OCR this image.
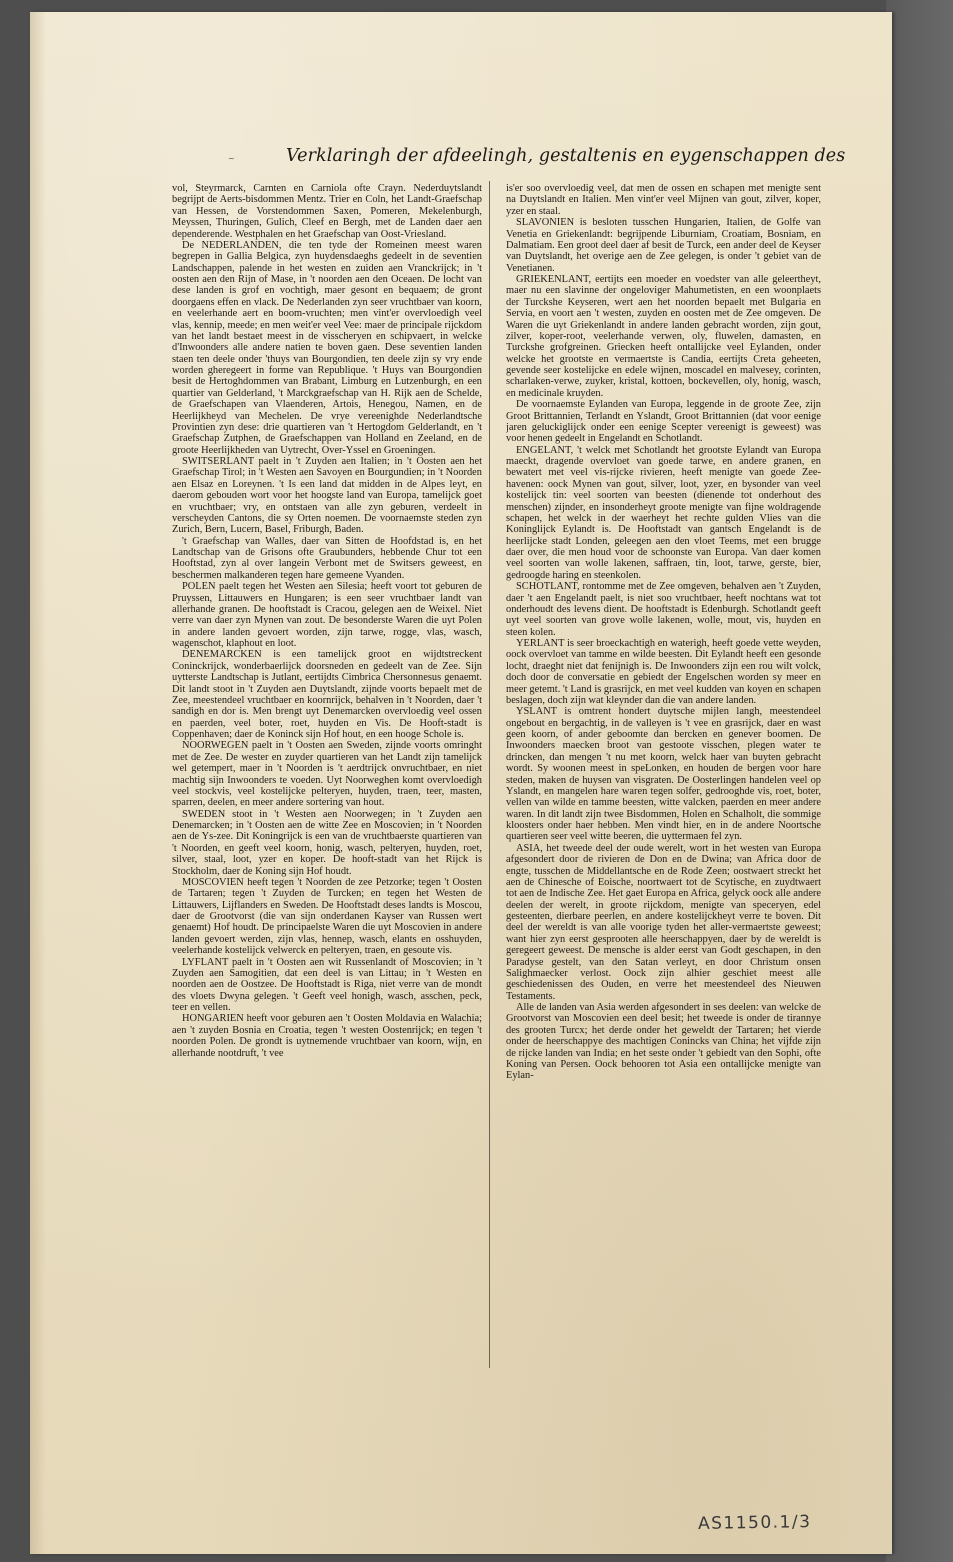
~	Verklaringh der afdeelingh, gestaltenis en eygenschappen des

vol, Steyrmarck, Carnten en Carniola ofte Crayn. Nederduytslandt begrijpt de Aerts-bisdommen Mentz. Trier en Coln, het Landt-Graefschap van Hessen, de Vorstendommen Saxen, Pomeren, Mekelenburgh, Meyssen, Thuringen, Gulich, Cleef en Bergh, met de Landen daer aen dependerende. Westphalen en het Graefschap van Oost-Vriesland.

De NEDERLANDEN, die ten tyde der Romeinen meest waren begrepen in Gallia Belgica, zyn huydensdaeghs gedeelt in de seventien Landschappen, palende in het westen en zuiden aen Vranckrijck; in 't oosten aen den Rijn of Mase, in 't noorden aen den Oceaen. De locht van dese landen is grof en vochtigh, maer gesont en bequaem; de gront doorgaens effen en vlack. De Nederlanden zyn seer vruchtbaer van koorn, en veelerhande aert en boom-vruchten; men vint'er overvloedigh veel vlas, kennip, meede; en men weit'er veel Vee: maer de principale rijckdom van het landt bestaet meest in de visscheryen en schipvaert, in welcke d'Inwoonders alle andere natien te boven gaen. Dese seventien landen staen ten deele onder 'thuys van Bourgondien, ten deele zijn sy vry ende worden gheregeert in forme van Republique. 't Huys van Bourgondien besit de Hertoghdommen van Brabant, Limburg en Lutzenburgh, en een quartier van Gelderland, 't Marckgraefschap van H. Rijk aen de Schelde, de Graefschapen van Vlaenderen, Artois, Henegou, Namen, en de Heerlijkheyd van Mechelen. De vrye vereenighde Nederlandtsche Provintien zyn dese: drie quartieren van 't Hertogdom Gelderlandt, en 't Graefschap Zutphen, de Graefschappen van Holland en Zeeland, en de groote Heerlijkheden van Uytrecht, Over-Yssel en Groeningen.

SWITSERLANT paelt in 't Zuyden aen Italien; in 't Oosten aen het Graefschap Tirol; in 't Westen aen Savoyen en Bourgundien; in 't Noorden aen Elsaz en Loreynen. 't Is een land dat midden in de Alpes leyt, en daerom gebouden wort voor het hoogste land van Europa, tamelijck goet en vruchtbaer; vry, en ontstaen van alle zyn geburen, verdeelt in verscheyden Cantons, die sy Orten noemen. De voornaemste steden zyn Zurich, Bern, Lucern, Basel, Friburgh, Baden.

't Graefschap van Walles, daer van Sitten de Hoofdstad is, en het Landtschap van de Grisons ofte Graubunders, hebbende Chur tot een Hooftstad, zyn al over langein Verbont met de Switsers geweest, en beschermen malkanderen tegen hare gemeene Vyanden.

POLEN paelt tegen het Westen aen Silesia; heeft voort tot geburen de Pruyssen, Littauwers en Hungaren; is een seer vruchtbaer landt van allerhande granen. De hooftstadt is Cracou, gelegen aen de Weixel. Niet verre van daer zyn Mynen van zout. De besonderste Waren die uyt Polen in andere landen gevoert worden, zijn tarwe, rogge, vlas, wasch, wagenschot, klaphout en loot.

DENEMARCKEN is een tamelijck groot en wijdtstreckent Coninckrijck, wonderbaerlijck doorsneden en gedeelt van de Zee. Sijn uytterste Landtschap is Jutlant, eertijdts Cimbrica Chersonnesus genaemt. Dit landt stoot in 't Zuyden aen Duytslandt, zijnde voorts bepaelt met de Zee, meestendeel vruchtbaer en koornrijck, behalven in 't Noorden, daer 't sandigh en dor is. Men brengt uyt Denemarcken overvloedig veel ossen en paerden, veel boter, roet, huyden en Vis. De Hooft-stadt is Coppenhaven; daer de Koninck sijn Hof hout, en een hooge Schole is.

NOORWEGEN paelt in 't Oosten aen Sweden, zijnde voorts omringht met de Zee. De wester en zuyder quartieren van het Landt zijn tamelijck wel getempert, maer in 't Noorden is 't aerdtrijck onvruchtbaer, en niet machtig sijn Inwoonders te voeden. Uyt Noorweghen komt overvloedigh veel stockvis, veel kostelijcke pelteryen, huyden, traen, teer, masten, sparren, deelen, en meer andere sortering van hout.

SWEDEN stoot in 't Westen aen Noorwegen; in 't Zuyden aen Denemarcken; in 't Oosten aen de witte Zee en Moscovien; in 't Noorden aen de Ys-zee. Dit Koningrijck is een van de vruchtbaerste quartieren van 't Noorden, en geeft veel koorn, honig, wasch, pelteryen, huyden, roet, silver, staal, loot, yzer en koper. De hooft-stadt van het Rijck is Stockholm, daer de Koning sijn Hof houdt.

MOSCOVIEN heeft tegen 't Noorden de zee Petzorke; tegen 't Oosten de Tartaren; tegen 't Zuyden de Turcken; en tegen het Westen de Littauwers, Lijflanders en Sweden. De Hooftstadt deses landts is Moscou, daer de Grootvorst (die van sijn onderdanen Kayser van Russen wert genaemt) Hof houdt. De principaelste Waren die uyt Moscovien in andere landen gevoert werden, zijn vlas, hennep, wasch, elants en osshuyden, veelerhande kostelijck velwerck en pelteryen, traen, en gesoute vis.

LYFLANT paelt in 't Oosten aen wit Russenlandt of Moscovien; in 't Zuyden aen Samogitien, dat een deel is van Littau; in 't Westen en noorden aen de Oostzee. De Hooftstadt is Riga, niet verre van de mondt des vloets Dwyna gelegen. 't Geeft veel honigh, wasch, asschen, peck, teer en vellen.

HONGARIEN heeft voor geburen aen 't Oosten Moldavia en Walachia; aen 't zuyden Bosnia en Croatia, tegen 't westen Oostenrijck; en tegen 't noorden Polen. De grondt is uytnemende vruchtbaer van koorn, wijn, en allerhande nootdruft, 't vee

is'er soo overvloedig veel, dat men de ossen en schapen met menigte sent na Duytslandt en Italien. Men vint'er veel Mijnen van gout, zilver, koper, yzer en staal.

SLAVONIEN is besloten tusschen Hungarien, Italien, de Golfe van Venetia en Griekenlandt: begrijpende Liburniam, Croatiam, Bosniam, en Dalmatiam. Een groot deel daer af besit de Turck, een ander deel de Keyser van Duytslandt, het overige aen de Zee gelegen, is onder 't gebiet van de Venetianen.

GRIEKENLANT, eertijts een moeder en voedster van alle geleertheyt, maer nu een slavinne der ongeloviger Mahumetisten, en een woonplaets der Turckshe Keyseren, wert aen het noorden bepaelt met Bulgaria en Servia, en voort aen 't westen, zuyden en oosten met de Zee omgeven. De Waren die uyt Griekenlandt in andere landen gebracht worden, zijn gout, zilver, koper-root, veelerhande verwen, oly, fluwelen, damasten, en Turckshe grofgreinen. Griecken heeft ontallijcke veel Eylanden, onder welcke het grootste en vermaertste is Candia, eertijts Creta geheeten, gevende seer kostelijcke en edele wijnen, moscadel en malvesey, corinten, scharlaken-verwe, zuyker, kristal, kottoen, bockevellen, oly, honig, wasch, en medicinale kruyden.

De voornaemste Eylanden van Europa, leggende in de groote Zee, zijn Groot Brittannien, Terlandt en Yslandt, Groot Brittannien (dat voor eenige jaren geluckiglijck onder een eenige Scepter vereenigt is geweest) was voor henen gedeelt in Engelandt en Schotlandt.

ENGELANT, 't welck met Schotlandt het grootste Eylandt van Europa maeckt, dragende overvloet van goede tarwe, en andere granen, en bewatert met veel vis-rijcke rivieren, heeft menigte van goede Zee-havenen: oock Mynen van gout, silver, loot, yzer, en bysonder van veel kostelijck tin: veel soorten van beesten (dienende tot onderhout des menschen) zijnder, en insonderheyt groote menigte van fijne woldragende schapen, het welck in der waerheyt het rechte gulden Vlies van die Koninglijck Eylandt is. De Hooftstadt van gantsch Engelandt is de heerlijcke stadt Londen, geleegen aen den vloet Teems, met een brugge daer over, die men houd voor de schoonste van Europa. Van daer komen veel soorten van wolle lakenen, saffraen, tin, loot, tarwe, gerste, bier, gedroogde haring en steenkolen.

SCHOTLANT, rontomme met de Zee omgeven, behalven aen 't Zuyden, daer 't aen Engelandt paelt, is niet soo vruchtbaer, heeft nochtans wat tot onderhoudt des levens dient. De hooftstadt is Edenburgh. Schotlandt geeft uyt veel soorten van grove wolle lakenen, wolle, mout, vis, huyden en steen kolen.

YERLANT is seer broeckachtigh en waterigh, heeft goede vette weyden, oock overvloet van tamme en wilde beesten. Dit Eylandt heeft een gesonde locht, draeght niet dat fenijnigh is. De Inwoonders zijn een rou wilt volck, doch door de conversatie en gebiedt der Engelschen worden sy meer en meer getemt. 't Land is grasrijck, en met veel kudden van koyen en schapen beslagen, doch zijn wat kleynder dan die van andere landen.

YSLANT is omtrent hondert duytsche mijlen langh, meestendeel ongebout en bergachtig, in de valleyen is 't vee en grasrijck, daer en wast geen koorn, of ander geboomte dan bercken en genever boomen. De Inwoonders maecken broot van gestoote visschen, plegen water te drincken, dan mengen 't nu met koorn, welck haer van buyten gebracht wordt. Sy woonen meest in speLonken, en houden de bergen voor hare steden, maken de huysen van visgraten. De Oosterlingen handelen veel op Yslandt, en mangelen hare waren tegen solfer, gedrooghde vis, roet, boter, vellen van wilde en tamme beesten, witte valcken, paerden en meer andere waren. In dit landt zijn twee Bisdommen, Holen en Schalholt, die sommige kloosters onder haer hebben. Men vindt hier, en in de andere Noortsche quartieren seer veel witte beeren, die uyttermaen fel zyn.

ASIA, het tweede deel der oude werelt, wort in het westen van Europa afgesondert door de rivieren de Don en de Dwina; van Africa door de engte, tusschen de Middellantsche en de Rode Zeen; oostwaert streckt het aen de Chinesche of Eoische, noortwaert tot de Scytische, en zuydtwaert tot aen de Indische Zee. Het gaet Europa en Africa, gelyck oock alle andere deelen der werelt, in groote rijckdom, menigte van speceryen, edel gesteenten, dierbare peerlen, en andere kostelijckheyt verre te boven. Dit deel der wereldt is van alle voorige tyden het aller-vermaertste geweest; want hier zyn eerst gesprooten alle heerschappyen, daer by de wereldt is geregeert geweest. De mensche is alder eerst van Godt geschapen, in den Paradyse gestelt, van den Satan verleyt, en door Christum onsen Salighmaecker verlost. Oock zijn alhier geschiet meest alle geschiedenissen des Ouden, en verre het meestendeel des Nieuwen Testaments.

Alle de landen van Asia werden afgesondert in ses deelen: van welcke de Grootvorst van Moscovien een deel besit; het tweede is onder de tirannye des grooten Turcx; het derde onder het geweldt der Tartaren; het vierde onder de heerschappye des machtigen Conincks van China; het vijfde zijn de rijcke landen van India; en het seste onder 't gebiedt van den Sophi, ofte Koning van Persen. Oock behooren tot Asia een ontallijcke menigte van Eylan-

AS1150.1/3
